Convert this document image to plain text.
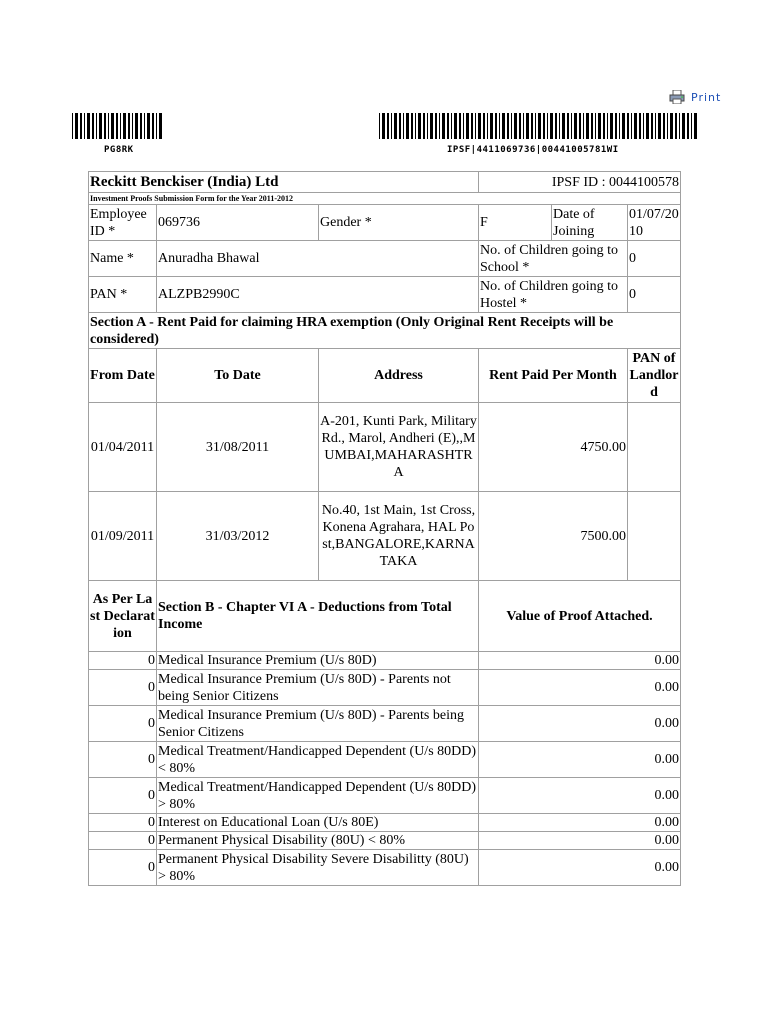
Print
PG8RK	IPSF|4411069736|00441005781WI
Reckitt Benckiser (India) Ltd			IPSF ID : 0044100578		
Investment Proofs Submission Form for the Year 2011-2012					
Employee ID *	069736	Gender *	F	Date of Joining	01/07/2010
Name *	Anuradha Bhawal		No. of Children going to School *		0
PAN *	ALZPB2990C		No. of Children going to Hostel *		0
Section A - Rent Paid for claiming HRA exemption (Only Original Rent Receipts will be considered)					
From Date	To Date	Address	Rent Paid Per Month		PAN of Landlord
01/04/2011	31/08/2011	A-201, Kunti Park, Military Rd., Marol, Andheri (E),,MUMBAI,MAHARASHTRA	4750.00		
01/09/2011	31/03/2012	No.40, 1st Main, 1st Cross, Konena Agrahara, HAL Post,BANGALORE,KARNATAKA	7500.00		
As Per Last Declaration	Section B - Chapter VI A - Deductions from Total Income		Value of Proof Attached.		
0	Medical Insurance Premium (U/s 80D)		0.00		
0	Medical Insurance Premium (U/s 80D) - Parents not being Senior Citizens		0.00		
0	Medical Insurance Premium (U/s 80D) - Parents being Senior Citizens		0.00		
0	Medical Treatment/Handicapped Dependent (U/s 80DD) < 80%		0.00		
0	Medical Treatment/Handicapped Dependent (U/s 80DD) > 80%		0.00		
0	Interest on Educational Loan (U/s 80E)		0.00		
0	Permanent Physical Disability (80U) < 80%		0.00		
0	Permanent Physical Disability Severe Disabilitty (80U) > 80%		0.00		
